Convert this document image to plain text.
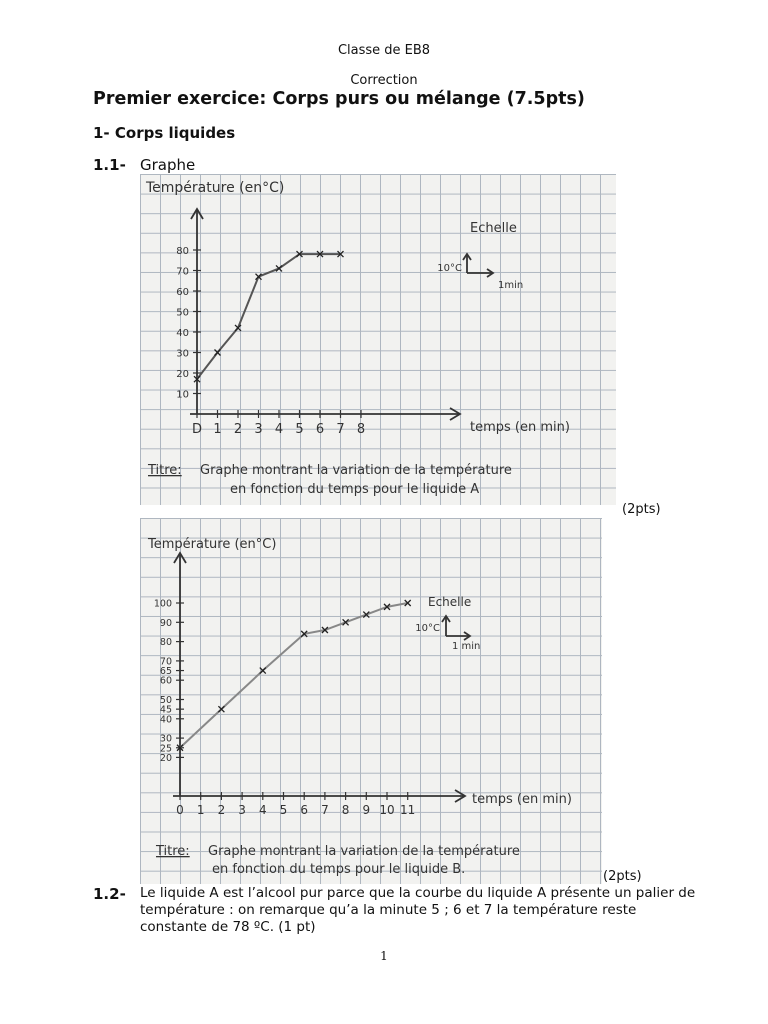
Classe de EB8
Correction
Premier exercice: Corps purs ou mélange (7.5pts)
1- Corps liquides
1.1- Graphe
Température (en°C)
temps (en min)
Echelle
10°C
1min
Titre: Graphe montrant la variation de la température
en fonction du temps pour le liquide A
10
20
30
40
50
60
70
80
D 1 2 3 4 5 6 7 8
(2pts)
Température (en°C)
temps (en min)
Echelle
10°C
1 min
Titre: Graphe montrant la variation de la température
en fonction du temps pour le liquide B.
20
25
30
40
45
50
60
65
70
80
90
100
0 1 2 3 4 5 6 7 8 9 10 11
(2pts)
1.2- Le liquide A est l’alcool pur parce que la courbe du liquide A présente un palier de température : on remarque qu’a la minute 5 ; 6 et 7 la température reste constante de 78 ºC. (1 pt)
1
